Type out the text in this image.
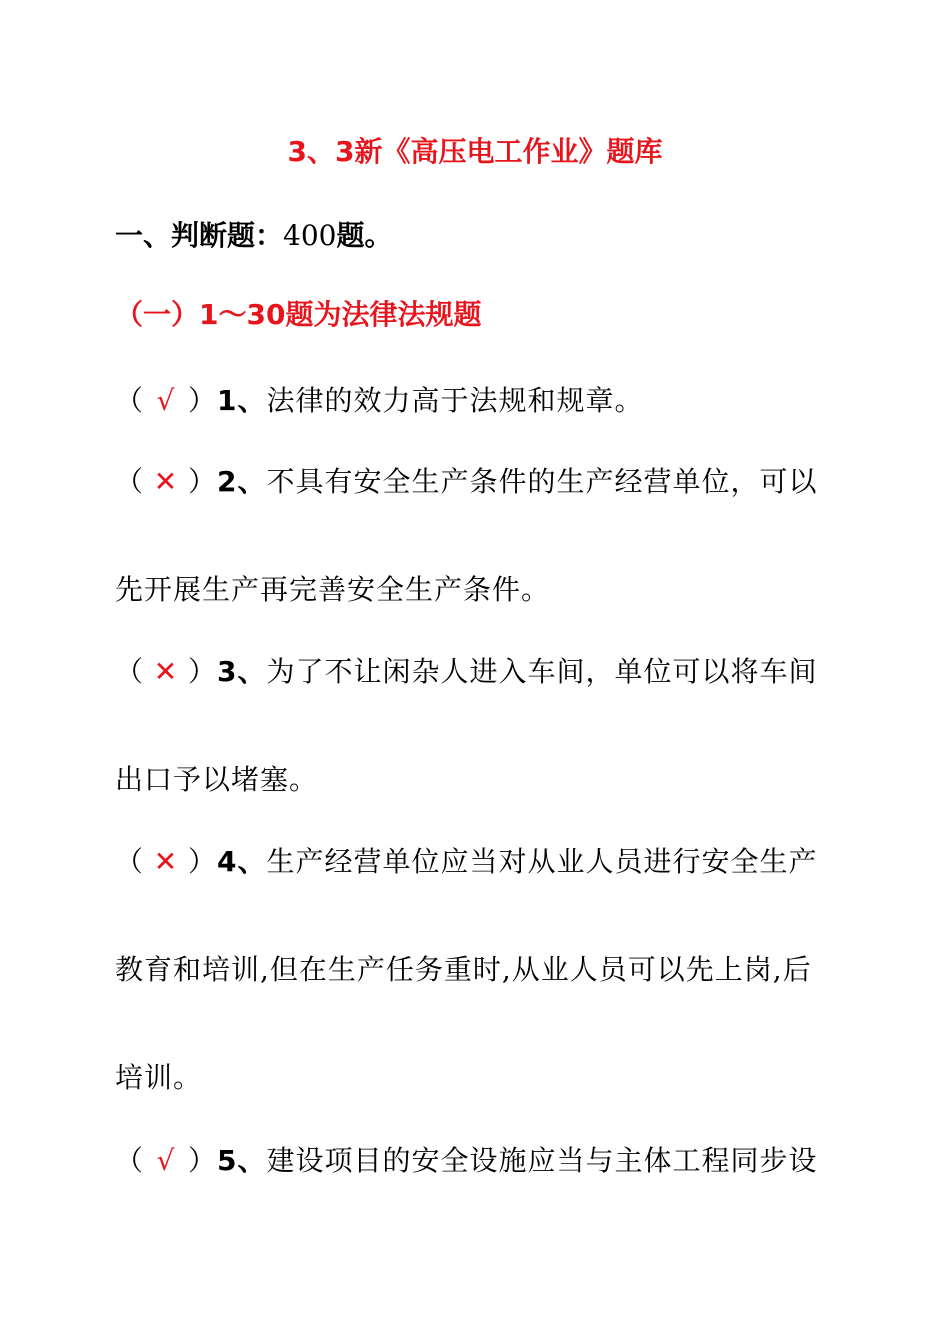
3、3新《高压电工作业》题库
一、判断题：400题。
（一）1～30题为法律法规题
（ √ ）1、法律的效力高于法规和规章。
（ ✕ ）2、不具有安全生产条件的生产经营单位，可以
先开展生产再完善安全生产条件。
（ ✕ ）3、为了不让闲杂人进入车间，单位可以将车间
出口予以堵塞。
（ ✕ ）4、生产经营单位应当对从业人员进行安全生产
教育和培训,但在生产任务重时,从业人员可以先上岗,后
培训。
（ √ ）5、建设项目的安全设施应当与主体工程同步设
